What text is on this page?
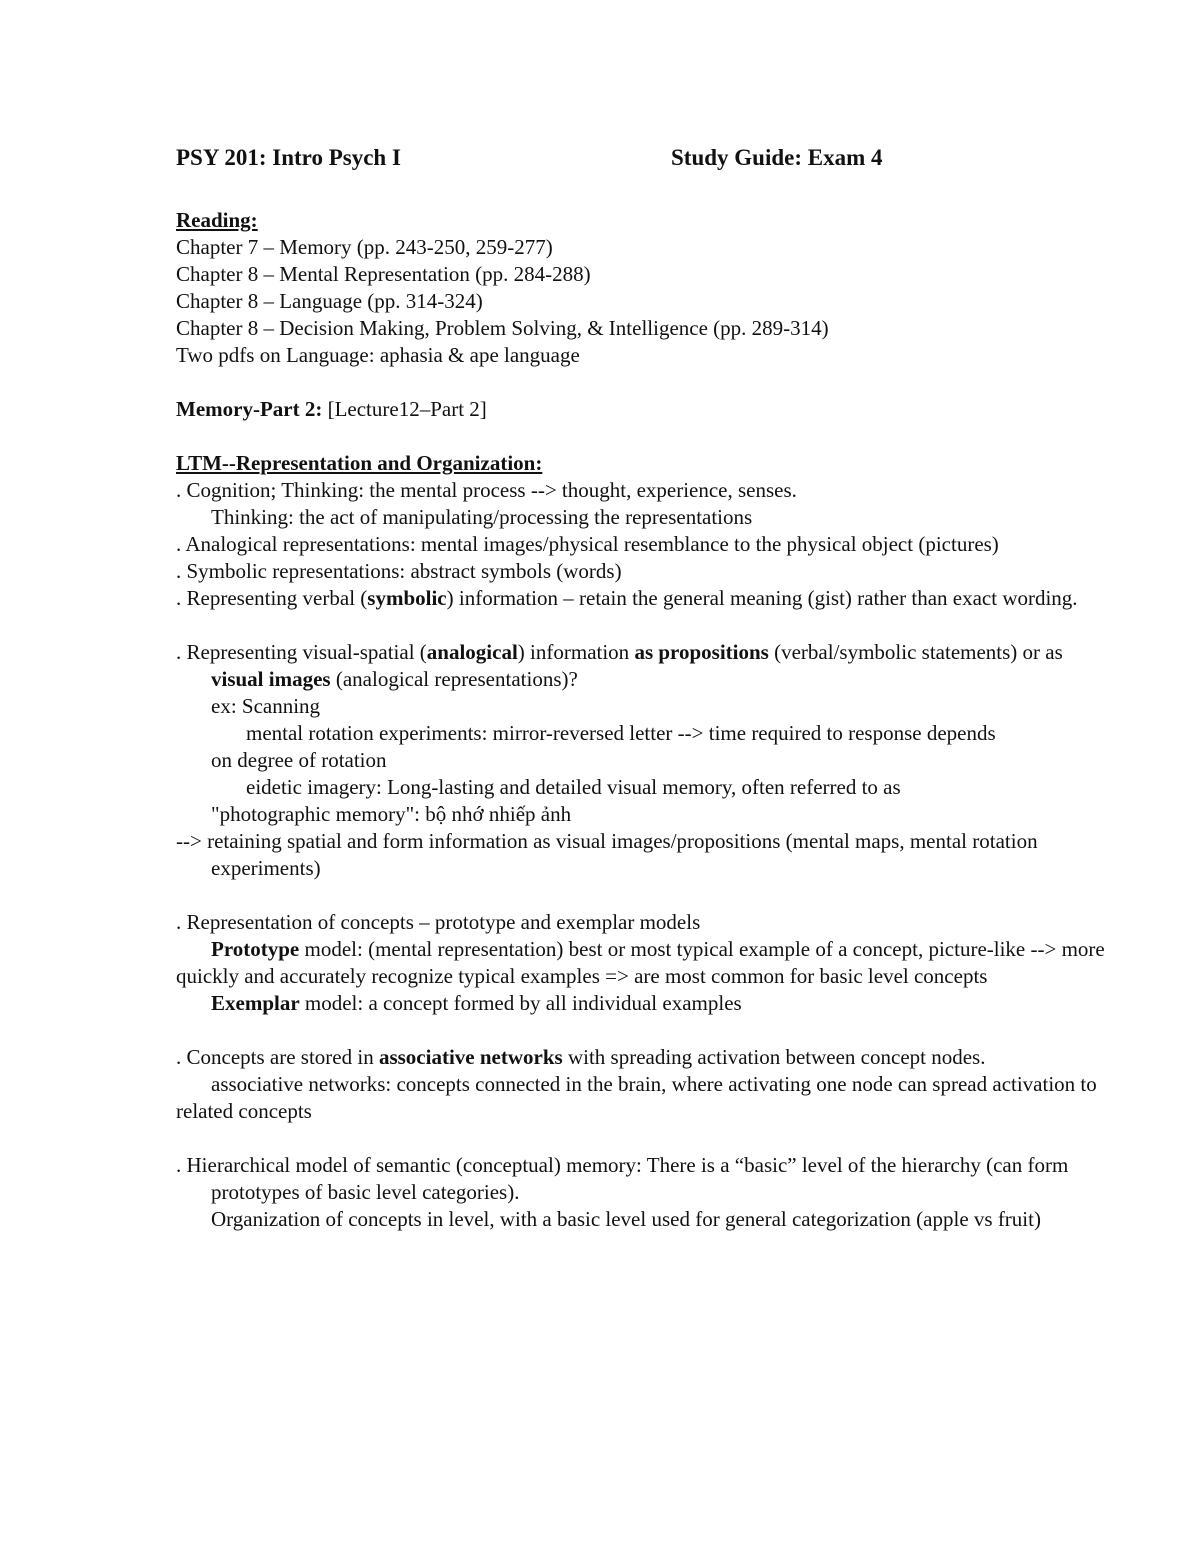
PSY 201: Intro Psych I	Study Guide: Exam 4
Reading:
Chapter 7 – Memory (pp. 243-250, 259-277)
Chapter 8 – Mental Representation (pp. 284-288)
Chapter 8 – Language (pp. 314-324)
Chapter 8 – Decision Making, Problem Solving, & Intelligence (pp. 289-314)
Two pdfs on Language: aphasia & ape language
Memory-Part 2: [Lecture12–Part 2]
LTM--Representation and Organization:
. Cognition; Thinking: the mental process --> thought, experience, senses.
Thinking: the act of manipulating/processing the representations
. Analogical representations: mental images/physical resemblance to the physical object (pictures)
. Symbolic representations: abstract symbols (words)
. Representing verbal (symbolic) information – retain the general meaning (gist) rather than exact wording.
. Representing visual-spatial (analogical) information as propositions (verbal/symbolic statements) or as visual images (analogical representations)?
ex: Scanning
mental rotation experiments: mirror-reversed letter --> time required to response depends
on degree of rotation
eidetic imagery: Long-lasting and detailed visual memory, often referred to as
"photographic memory": bộ nhớ nhiếp ảnh
--> retaining spatial and form information as visual images/propositions (mental maps, mental rotation experiments)
. Representation of concepts – prototype and exemplar models
Prototype model: (mental representation) best or most typical example of a concept, picture-like --> more quickly and accurately recognize typical examples => are most common for basic level concepts
Exemplar model: a concept formed by all individual examples
. Concepts are stored in associative networks with spreading activation between concept nodes.
associative networks: concepts connected in the brain, where activating one node can spread activation to related concepts
. Hierarchical model of semantic (conceptual) memory: There is a “basic” level of the hierarchy (can form prototypes of basic level categories).
Organization of concepts in level, with a basic level used for general categorization (apple vs fruit)
